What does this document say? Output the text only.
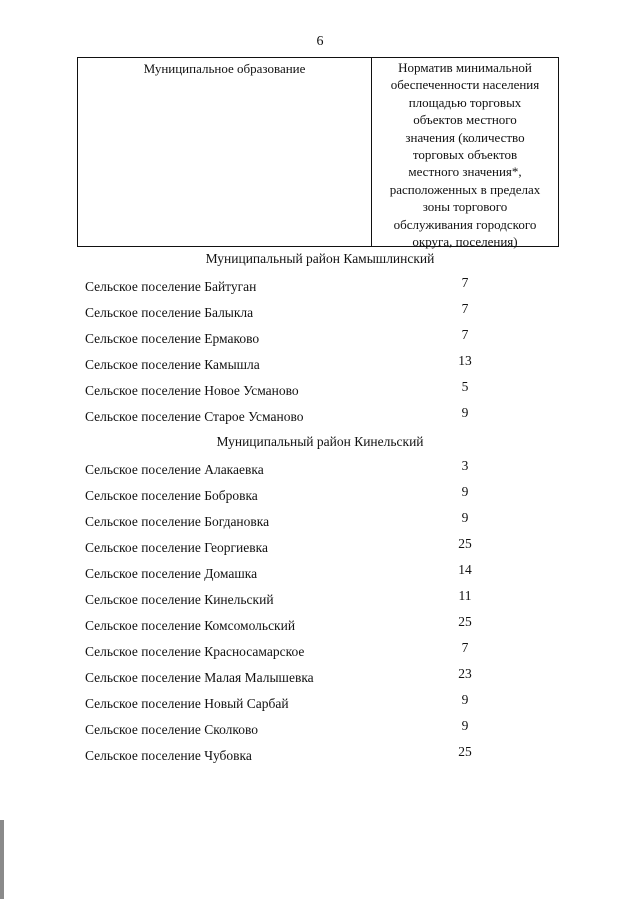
6
Муниципальное образование	Норматив минимальной
обеспеченности населения
площадью торговых
объектов местного
значения (количество
торговых объектов
местного значения*,
расположенных в пределах
зоны торгового
обслуживания городского
округа, поселения)
Муниципальный район Камышлинский
Сельское поселение Байтуган	7
Сельское поселение Балыкла	7
Сельское поселение Ермаково	7
Сельское поселение Камышла	13
Сельское поселение Новое Усманово	5
Сельское поселение Старое Усманово	9
Муниципальный район Кинельский
Сельское поселение Алакаевка	3
Сельское поселение Бобровка	9
Сельское поселение Богдановка	9
Сельское поселение Георгиевка	25
Сельское поселение Домашка	14
Сельское поселение Кинельский	11
Сельское поселение Комсомольский	25
Сельское поселение Красносамарское	7
Сельское поселение Малая Малышевка	23
Сельское поселение Новый Сарбай	9
Сельское поселение Сколково	9
Сельское поселение Чубовка	25
